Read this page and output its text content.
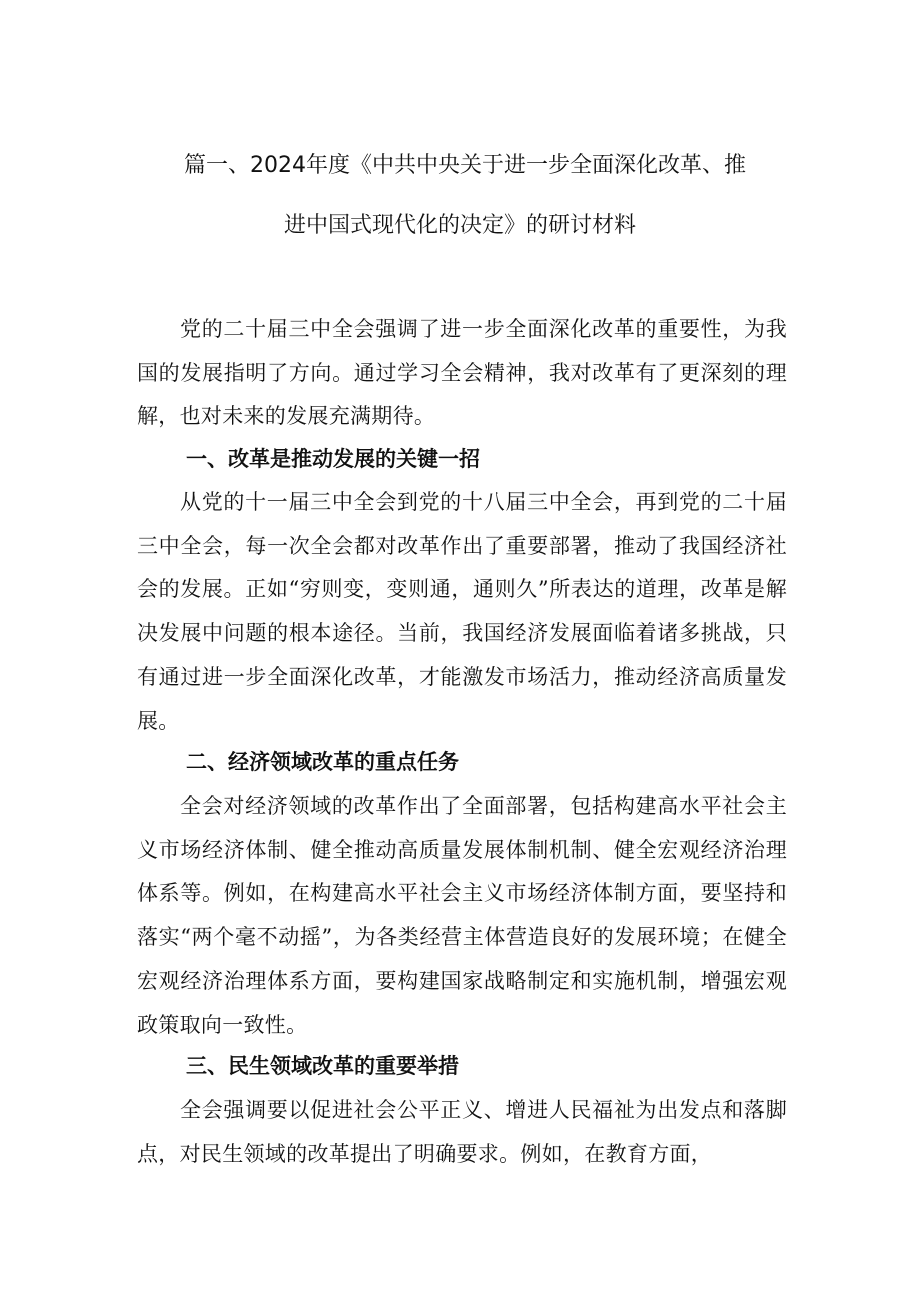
篇一、2024年度《中共中央关于进一步全面深化改革、推
进中国式现代化的决定》的研讨材料

党的二十届三中全会强调了进一步全面深化改革的重要性，为我国的发展指明了方向。通过学习全会精神，我对改革有了更深刻的理解，也对未来的发展充满期待。

一、改革是推动发展的关键一招

从党的十一届三中全会到党的十八届三中全会，再到党的二十届三中全会，每一次全会都对改革作出了重要部署，推动了我国经济社会的发展。正如“穷则变，变则通，通则久”所表达的道理，改革是解决发展中问题的根本途径。当前，我国经济发展面临着诸多挑战，只有通过进一步全面深化改革，才能激发市场活力，推动经济高质量发展。

二、经济领域改革的重点任务

全会对经济领域的改革作出了全面部署，包括构建高水平社会主义市场经济体制、健全推动高质量发展体制机制、健全宏观经济治理体系等。例如，在构建高水平社会主义市场经济体制方面，要坚持和落实“两个毫不动摇”，为各类经营主体营造良好的发展环境；在健全宏观经济治理体系方面，要构建国家战略制定和实施机制，增强宏观政策取向一致性。

三、民生领域改革的重要举措

全会强调要以促进社会公平正义、增进人民福祉为出发点和落脚点，对民生领域的改革提出了明确要求。例如，在教育方面，
